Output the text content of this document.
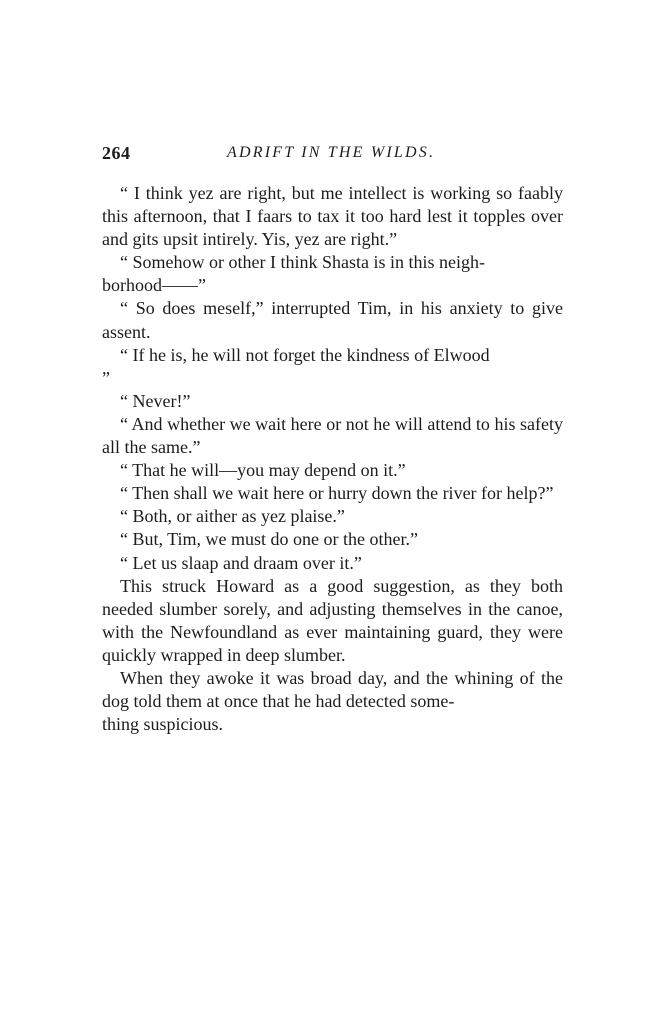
264	ADRIFT IN THE WILDS.

“ I think yez are right, but me intellect is working so faably this afternoon, that I faars to tax it too hard lest it topples over and gits upsit intirely. Yis, yez are right.”

“ Somehow or other I think Shasta is in this neigh-
borhood——”

“ So does meself,” interrupted Tim, in his anxiety to give assent.

“ If he is, he will not forget the kindness of Elwood
”

“ Never!”

“ And whether we wait here or not he will attend to his safety all the same.”

“ That he will—you may depend on it.”

“ Then shall we wait here or hurry down the river for help?”

“ Both, or aither as yez plaise.”

“ But, Tim, we must do one or the other.”

“ Let us slaap and draam over it.”

This struck Howard as a good suggestion, as they both needed slumber sorely, and adjusting themselves in the canoe, with the Newfoundland as ever maintaining guard, they were quickly wrapped in deep slumber.

When they awoke it was broad day, and the whining of the dog told them at once that he had detected some-
thing suspicious.
